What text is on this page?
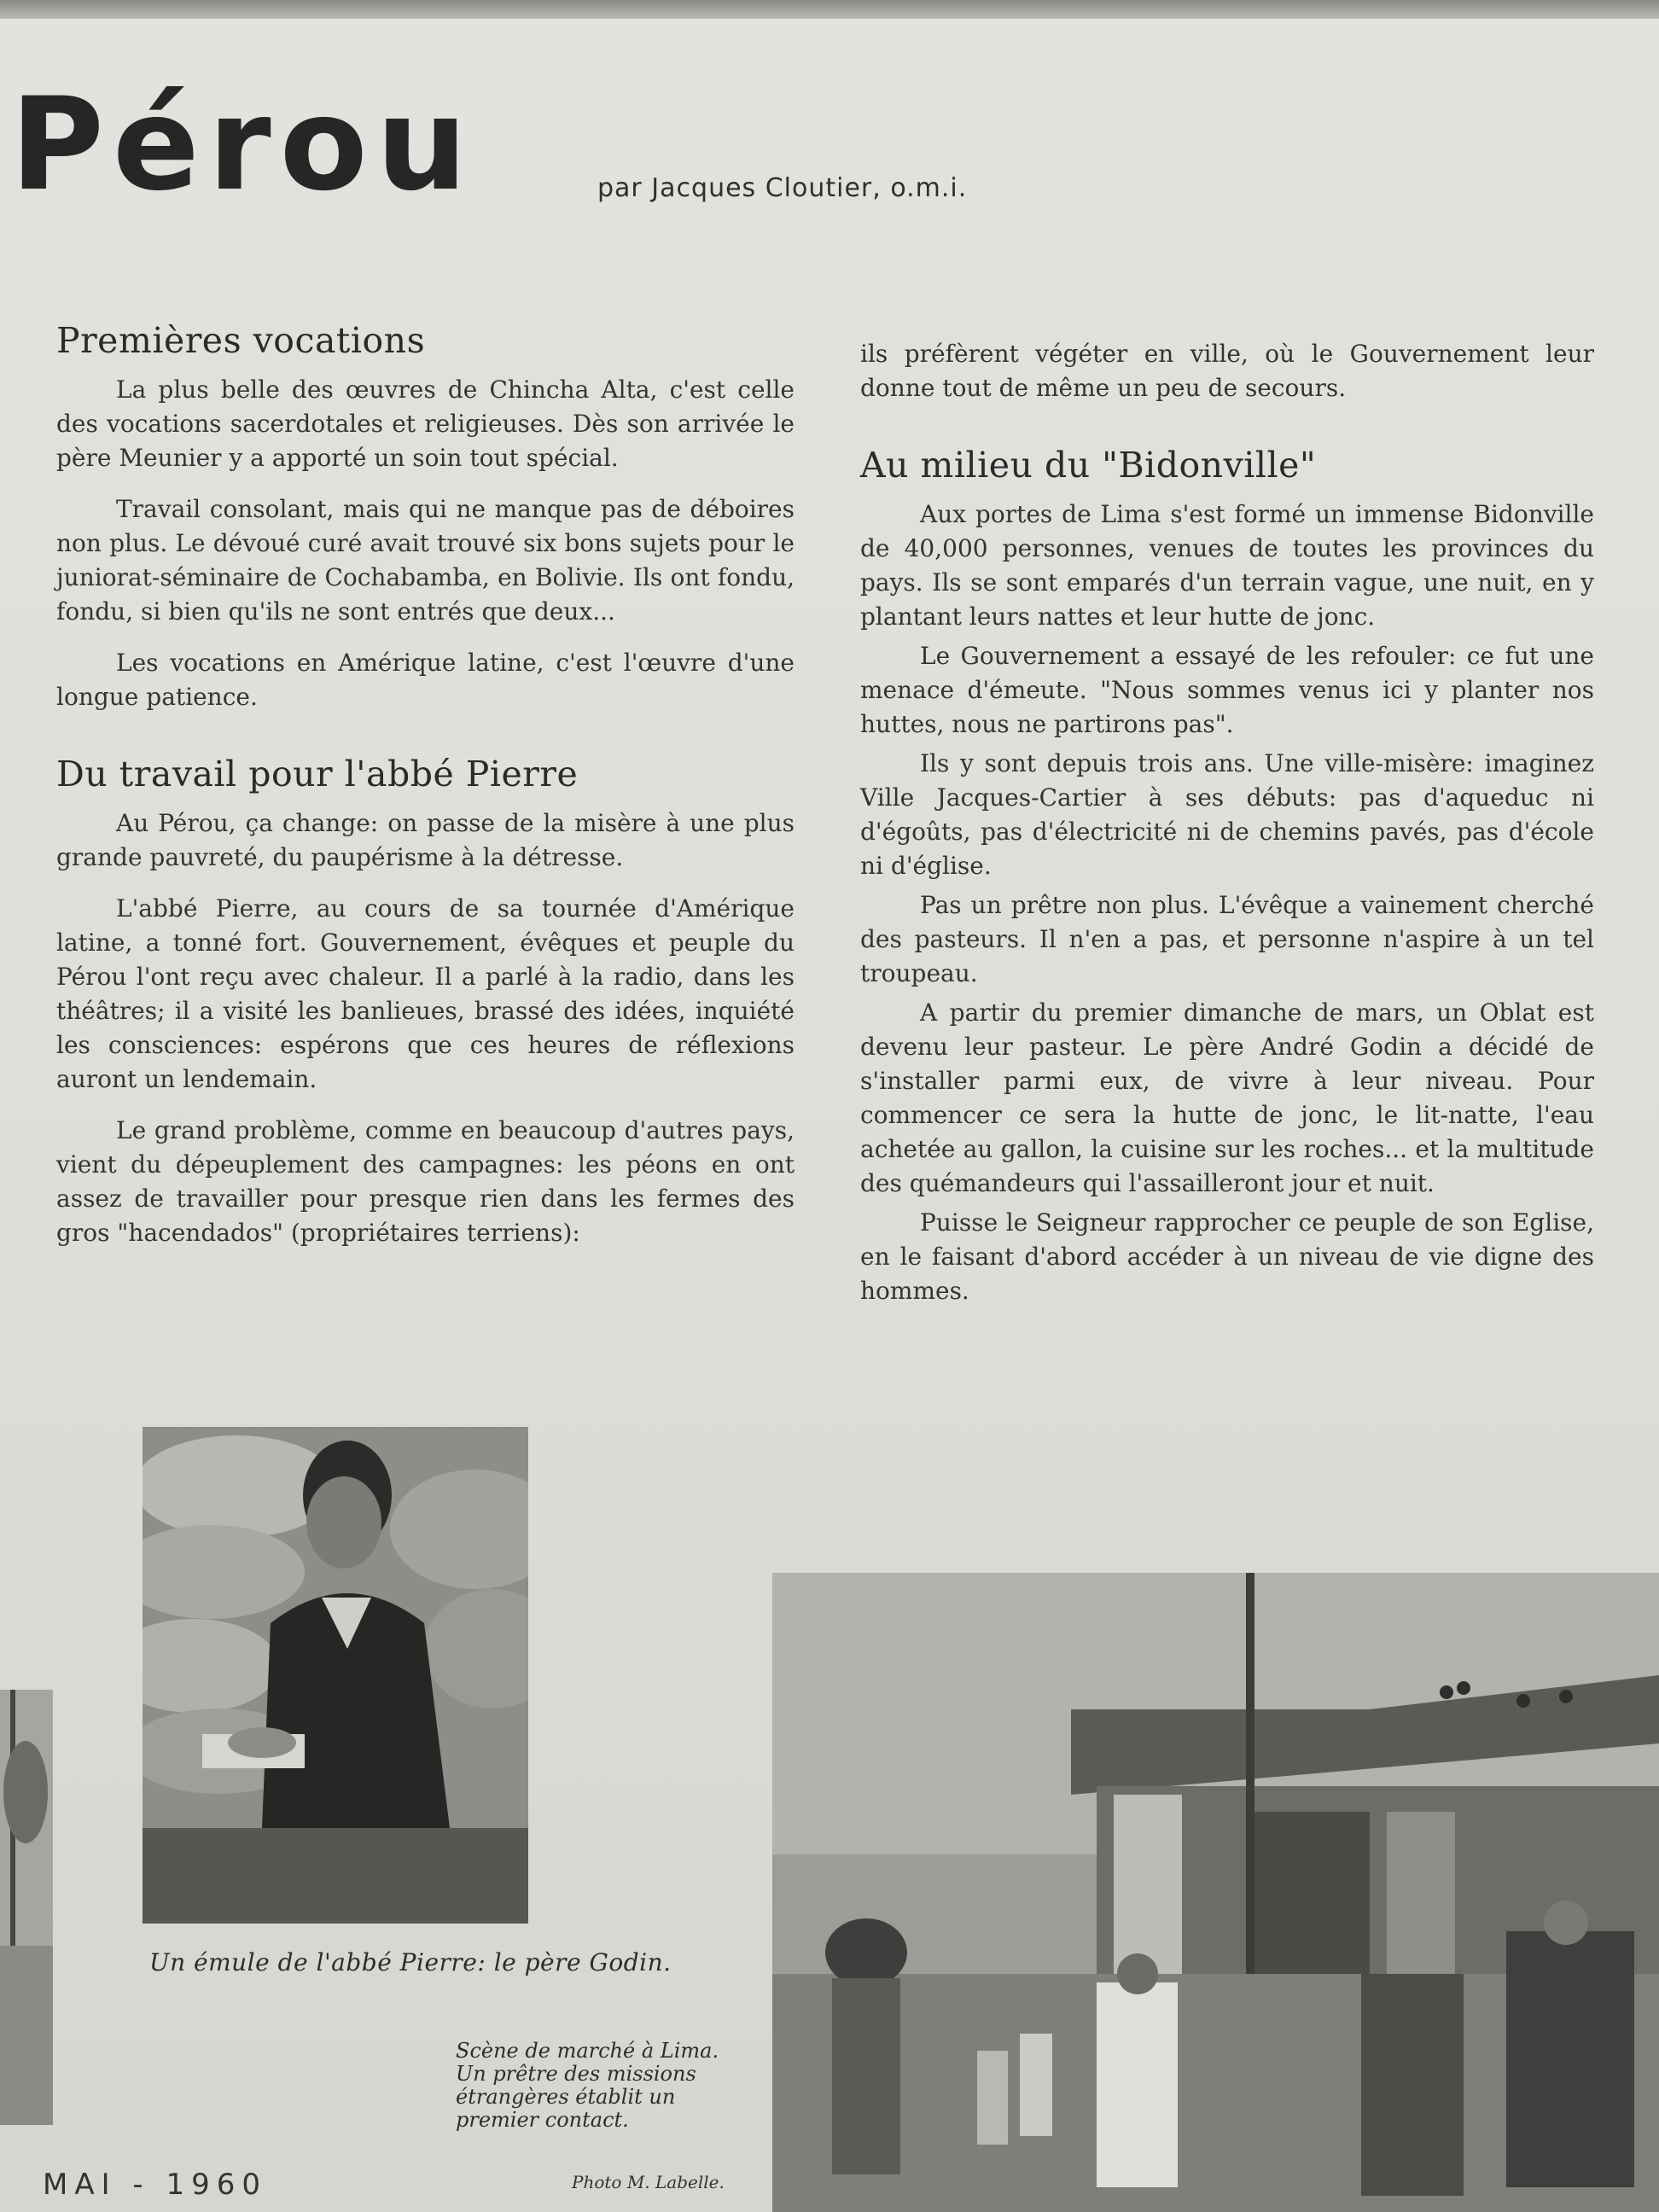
Pérou	par Jacques Cloutier, o.m.i.
Premières vocations

La plus belle des œuvres de Chincha Alta, c'est celle des vocations sacerdotales et religieuses. Dès son arrivée le père Meunier y a apporté un soin tout spécial.

Travail consolant, mais qui ne manque pas de déboires non plus. Le dévoué curé avait trouvé six bons sujets pour le juniorat-séminaire de Cochabamba, en Bolivie. Ils ont fondu, fondu, si bien qu'ils ne sont entrés que deux...

Les vocations en Amérique latine, c'est l'œuvre d'une longue patience.

Du travail pour l'abbé Pierre

Au Pérou, ça change: on passe de la misère à une plus grande pauvreté, du paupérisme à la détresse.

L'abbé Pierre, au cours de sa tournée d'Amérique latine, a tonné fort. Gouvernement, évêques et peuple du Pérou l'ont reçu avec chaleur. Il a parlé à la radio, dans les théâtres; il a visité les banlieues, brassé des idées, inquiété les consciences: espérons que ces heures de réflexions auront un lendemain.

Le grand problème, comme en beaucoup d'autres pays, vient du dépeuplement des campagnes: les péons en ont assez de travailler pour presque rien dans les fermes des gros "hacendados" (propriétaires terriens):

ils préfèrent végéter en ville, où le Gouvernement leur donne tout de même un peu de secours.

Au milieu du "Bidonville"

Aux portes de Lima s'est formé un immense Bidonville de 40,000 personnes, venues de toutes les provinces du pays. Ils se sont emparés d'un terrain vague, une nuit, en y plantant leurs nattes et leur hutte de jonc.

Le Gouvernement a essayé de les refouler: ce fut une menace d'émeute. "Nous sommes venus ici y planter nos huttes, nous ne partirons pas".

Ils y sont depuis trois ans. Une ville-misère: imaginez Ville Jacques-Cartier à ses débuts: pas d'aqueduc ni d'égoûts, pas d'électricité ni de chemins pavés, pas d'école ni d'église.

Pas un prêtre non plus. L'évêque a vainement cherché des pasteurs. Il n'en a pas, et personne n'aspire à un tel troupeau.

A partir du premier dimanche de mars, un Oblat est devenu leur pasteur. Le père André Godin a décidé de s'installer parmi eux, de vivre à leur niveau. Pour commencer ce sera la hutte de jonc, le lit-natte, l'eau achetée au gallon, la cuisine sur les roches... et la multitude des quémandeurs qui l'assailleront jour et nuit.

Puisse le Seigneur rapprocher ce peuple de son Eglise, en le faisant d'abord accéder à un niveau de vie digne des hommes.

Un émule de l'abbé Pierre: le père Godin.

Scène de marché à Lima. Un prêtre des missions étrangères établit un premier contact.

Photo M. Labelle.
MAI - 1960
